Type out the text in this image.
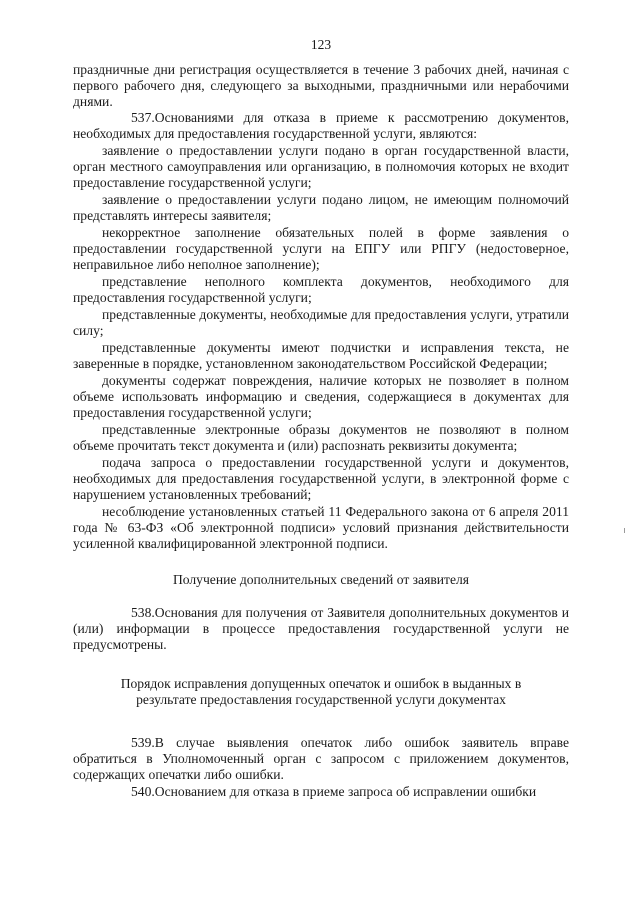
123

праздничные дни регистрация осуществляется в течение 3 рабочих дней, начиная с первого рабочего дня, следующего за выходными, праздничными или нерабочими днями.

537.Основаниями для отказа в приеме к рассмотрению документов, необходимых для предоставления государственной услуги, являются:

заявление о предоставлении услуги подано в орган государственной власти, орган местного самоуправления или организацию, в полномочия которых не входит предоставление государственной услуги;

заявление о предоставлении услуги подано лицом, не имеющим полномочий представлять интересы заявителя;

некорректное заполнение обязательных полей в форме заявления о предоставлении государственной услуги на ЕПГУ или РПГУ (недостоверное, неправильное либо неполное заполнение);

представление неполного комплекта документов, необходимого для предоставления государственной услуги;

представленные документы, необходимые для предоставления услуги, утратили силу;

представленные документы имеют подчистки и исправления текста, не заверенные в порядке, установленном законодательством Российской Федерации;

документы содержат повреждения, наличие которых не позволяет в полном объеме использовать информацию и сведения, содержащиеся в документах для предоставления государственной услуги;

представленные электронные образы документов не позволяют в полном объеме прочитать текст документа и (или) распознать реквизиты документа;

подача запроса о предоставлении государственной услуги и документов, необходимых для предоставления государственной услуги, в электронной форме с нарушением установленных требований;

несоблюдение установленных статьей 11 Федерального закона от 6 апреля 2011 года № 63-ФЗ «Об электронной подписи» условий признания действительности усиленной квалифицированной электронной подписи.

Получение дополнительных сведений от заявителя

538.Основания для получения от Заявителя дополнительных документов и (или) информации в процессе предоставления государственной услуги не предусмотрены.

Порядок исправления допущенных опечаток и ошибок в выданных в
результате предоставления государственной услуги документах

539.В случае выявления опечаток либо ошибок заявитель вправе обратиться в Уполномоченный орган с запросом с приложением документов, содержащих опечатки либо ошибки.

540.Основанием для отказа в приеме запроса об исправлении ошибки
